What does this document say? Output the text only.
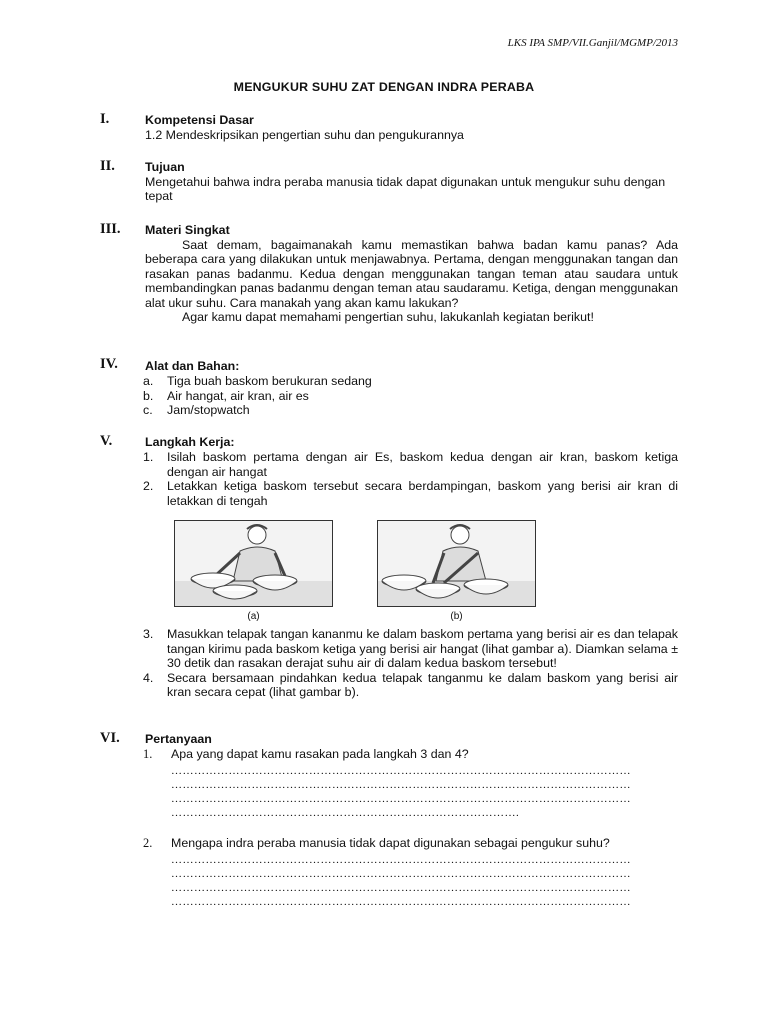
LKS IPA SMP/VII.Ganjil/MGMP/2013
MENGUKUR SUHU ZAT DENGAN INDRA PERABA
I.	Kompetensi Dasar
1.2 Mendeskripsikan pengertian suhu dan pengukurannya
II. Tujuan
Mengetahui bahwa indra peraba manusia tidak dapat digunakan untuk mengukur suhu dengan tepat
III. Materi Singkat
Saat demam, bagaimanakah kamu memastikan bahwa badan kamu panas? Ada beberapa cara yang dilakukan untuk menjawabnya. Pertama, dengan menggunakan tangan dan rasakan panas badanmu. Kedua dengan menggunakan tangan teman atau saudara untuk membandingkan panas badanmu dengan teman atau saudaramu. Ketiga, dengan menggunakan alat ukur suhu. Cara manakah yang akan kamu lakukan?
Agar kamu dapat memahami pengertian suhu, lakukanlah kegiatan berikut!
IV. Alat dan Bahan:
a.	Tiga buah baskom berukuran sedang
b.	Air hangat, air kran, air es
c.	Jam/stopwatch
V.	Langkah Kerja:
1.	Isilah baskom pertama dengan air Es, baskom kedua dengan air kran, baskom ketiga dengan air hangat
2.	Letakkan ketiga baskom tersebut secara berdampingan, baskom yang berisi air kran di letakkan di tengah
(a)	(b)
3.	Masukkan telapak tangan kananmu ke dalam baskom pertama yang berisi air es dan telapak tangan kirimu pada baskom ketiga yang berisi air hangat (lihat gambar a). Diamkan selama ± 30 detik dan rasakan derajat suhu air di dalam kedua baskom tersebut!
4.	Secara bersamaan pindahkan kedua telapak tanganmu ke dalam baskom yang berisi air kran secara cepat (lihat gambar b).
VI. Pertanyaan
1. Apa yang dapat kamu rasakan pada langkah 3 dan 4?
…………………………………………………………………………………………………………
…………………………………………………………………………………………………………
…………………………………………………………………………………………………………
……………………………………………………………………………….
2. Mengapa indra peraba manusia tidak dapat digunakan sebagai pengukur suhu?
…………………………………………………………………………………………………………
…………………………………………………………………………………………………………
…………………………………………………………………………………………………………
…………………………………………………………………………………………………………
